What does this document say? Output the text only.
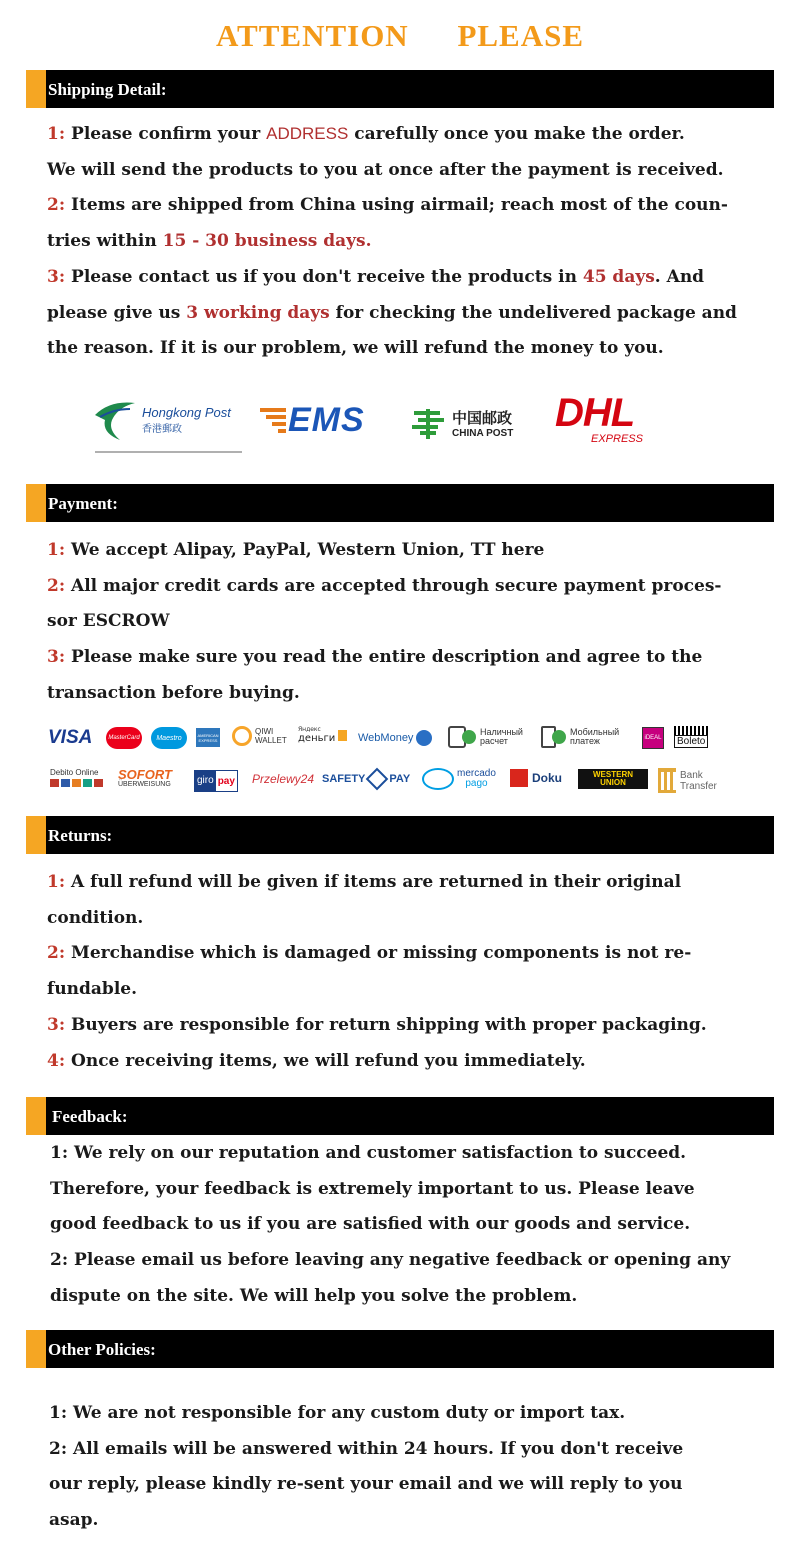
ATTENTION PLEASE
Shipping Detail:

1: Please confirm your ADDRESS carefully once you make the order.

We will send the products to you at once after the payment is received.

2: Items are shipped from China using airmail; reach most of the coun-

tries within 15 - 30 business days.

3: Please contact us if you don't receive the products in 45 days. And

please give us 3 working days for checking the undelivered package and

the reason. If it is our problem, we will refund the money to you.

Hongkong Post
香港郵政	EMS	中国邮政
CHINA POST DHL
EXPRESS
Payment:

1: We accept Alipay, PayPal, Western Union, TT here

2: All major credit cards are accepted through secure payment proces-

sor ESCROW

3: Please make sure you read the entire description and agree to the

transaction before buying.

VISA	MasterCard Maestro	AMERICAN EXPRESS
QIWI WALLET
Яндекс
деньги WebMoney	Наличный расчет
Мобильный платеж	iDEAL	Boleto
Debito Online SOFORT
ÜBERWEISUNG	giro pay Przelewy24 SAFETY PAY	mercado
pago	Doku	WESTERN
UNION
Bank
Transfer
Returns:

1: A full refund will be given if items are returned in their original

condition.

2: Merchandise which is damaged or missing components is not re-

fundable.

3: Buyers are responsible for return shipping with proper packaging.

4: Once receiving items, we will refund you immediately.

Feedback:

1: We rely on our reputation and customer satisfaction to succeed.

Therefore, your feedback is extremely important to us. Please leave

good feedback to us if you are satisfied with our goods and service.

2: Please email us before leaving any negative feedback or opening any

dispute on the site. We will help you solve the problem.

Other Policies:

1: We are not responsible for any custom duty or import tax.

2: All emails will be answered within 24 hours. If you don't receive

our reply, please kindly re-sent your email and we will reply to you

asap.
